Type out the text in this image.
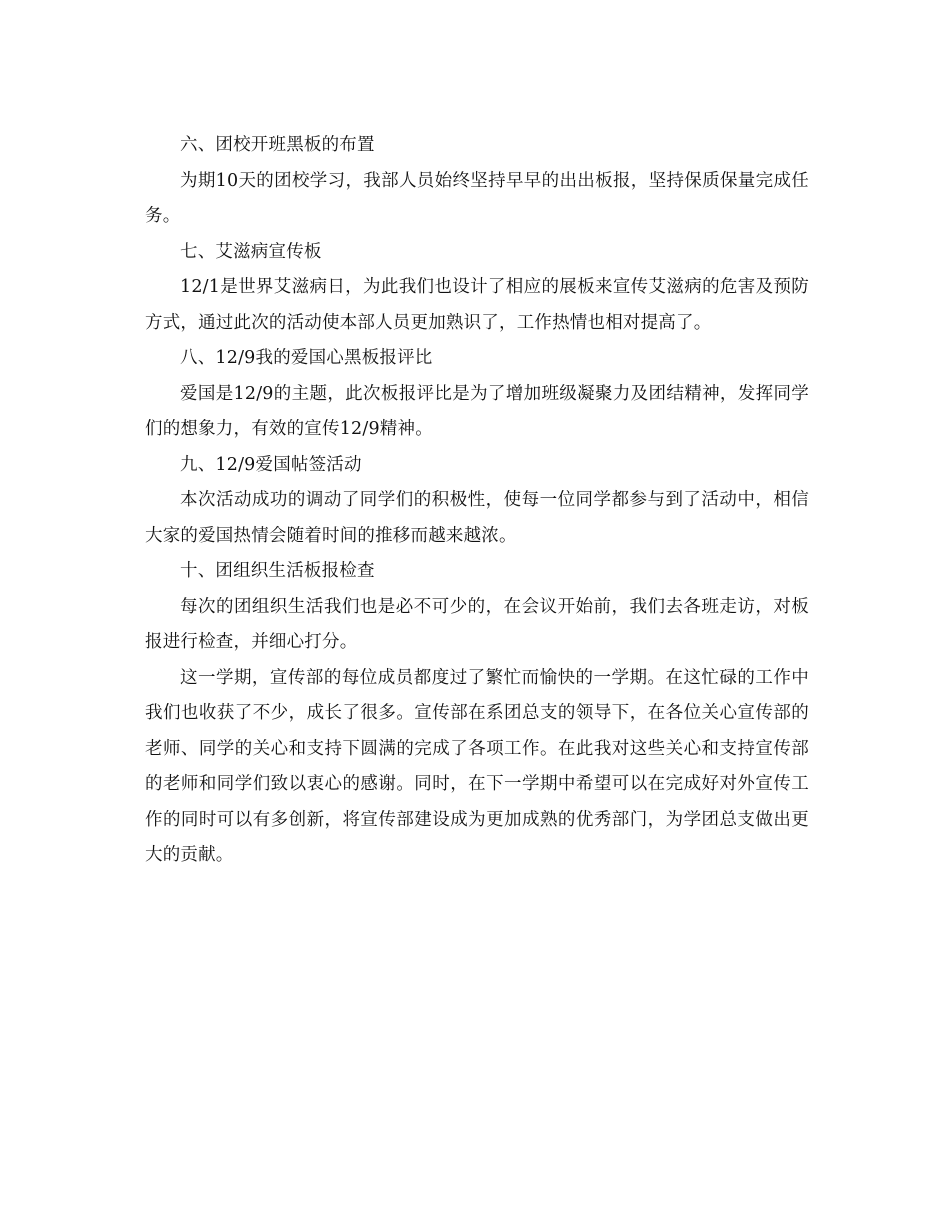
六、团校开班黑板的布置

为期10天的团校学习，我部人员始终坚持早早的出出板报，坚持保质保量完成任务。

七、艾滋病宣传板

12/1是世界艾滋病日，为此我们也设计了相应的展板来宣传艾滋病的危害及预防方式，通过此次的活动使本部人员更加熟识了，工作热情也相对提高了。

八、12/9我的爱国心黑板报评比

爱国是12/9的主题，此次板报评比是为了增加班级凝聚力及团结精神，发挥同学们的想象力，有效的宣传12/9精神。

九、12/9爱国帖签活动

本次活动成功的调动了同学们的积极性，使每一位同学都参与到了活动中，相信大家的爱国热情会随着时间的推移而越来越浓。

十、团组织生活板报检查

每次的团组织生活我们也是必不可少的，在会议开始前，我们去各班走访，对板报进行检查，并细心打分。

这一学期，宣传部的每位成员都度过了繁忙而愉快的一学期。在这忙碌的工作中我们也收获了不少，成长了很多。宣传部在系团总支的领导下，在各位关心宣传部的老师、同学的关心和支持下圆满的完成了各项工作。在此我对这些关心和支持宣传部的老师和同学们致以衷心的感谢。同时，在下一学期中希望可以在完成好对外宣传工作的同时可以有多创新，将宣传部建设成为更加成熟的优秀部门，为学团总支做出更大的贡献。
